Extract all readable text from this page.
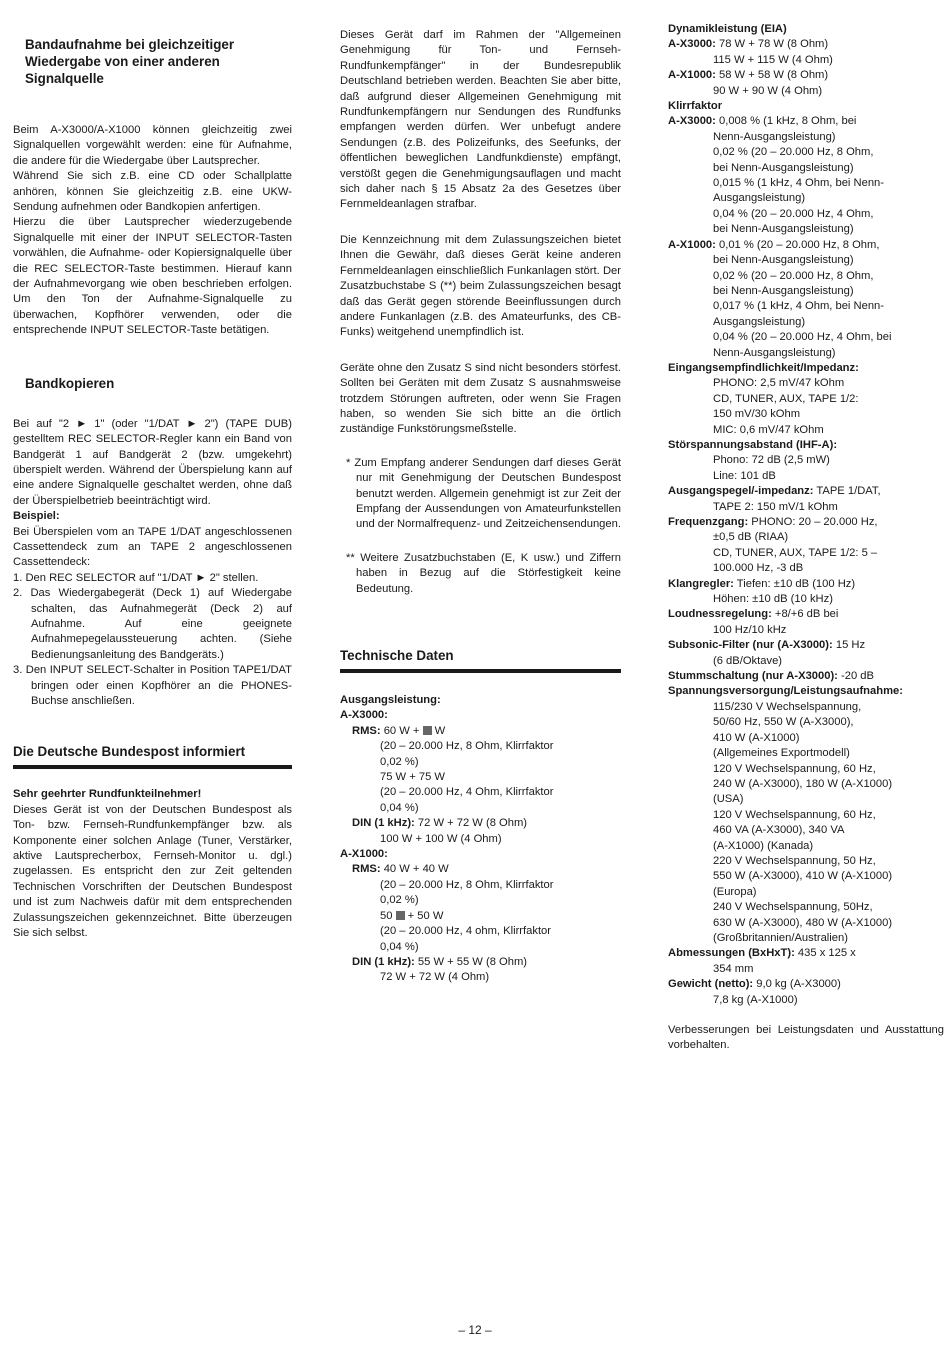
Bandaufnahme bei gleichzeitiger
Wiedergabe von einer anderen
Signalquelle

Beim A-X3000/A-X1000 können gleichzeitig zwei Signalquellen vorgewählt werden: eine für Aufnahme, die andere für die Wiedergabe über Lautsprecher.

Während Sie sich z.B. eine CD oder Schallplatte anhören, können Sie gleichzeitig z.B. eine UKW-Sendung aufnehmen oder Bandkopien anfertigen.

Hierzu die über Lautsprecher wiederzugebende Signalquelle mit einer der INPUT SELECTOR-Tasten vorwählen, die Aufnahme- oder Kopiersignalquelle über die REC SELECTOR-Taste bestimmen. Hierauf kann der Aufnahmevorgang wie oben beschrieben erfolgen. Um den Ton der Aufnahme-Signalquelle zu überwachen, Kopfhörer verwenden, oder die entsprechende INPUT SELECTOR-Taste betätigen.

Bandkopieren

Bei auf "2 ► 1" (oder "1/DAT ► 2") (TAPE DUB) gestelltem REC SELECTOR-Regler kann ein Band von Bandgerät 1 auf Bandgerät 2 (bzw. umgekehrt) überspielt werden. Während der Überspielung kann auf eine andere Signalquelle geschaltet werden, ohne daß der Überspielbetrieb beeinträchtigt wird.

Beispiel:

Bei Überspielen vom an TAPE 1/DAT angeschlossenen Cassettendeck zum an TAPE 2 angeschlossenen Cassettendeck:

1. Den REC SELECTOR auf "1/DAT ► 2" stellen.

2. Das Wiedergabegerät (Deck 1) auf Wiedergabe schalten, das Aufnahmegerät (Deck 2) auf Aufnahme. Auf eine geeignete Aufnahmepegelaussteuerung achten. (Siehe Bedienungsanleitung des Bandgeräts.)

3. Den INPUT SELECT-Schalter in Position TAPE1/DAT bringen oder einen Kopfhörer an die PHONES-Buchse anschließen.

Die Deutsche Bundespost informiert
Sehr geehrter Rundfunkteilnehmer!

Dieses Gerät ist von der Deutschen Bundespost als Ton- bzw. Fernseh-Rundfunkempfänger bzw. als Komponente einer solchen Anlage (Tuner, Verstärker, aktive Lautsprecherbox, Fernseh-Monitor u. dgl.) zugelassen. Es entspricht den zur Zeit geltenden Technischen Vorschriften der Deutschen Bundespost und ist zum Nachweis dafür mit dem entsprechenden Zulassungszeichen gekennzeichnet. Bitte überzeugen Sie sich selbst.

Dieses Gerät darf im Rahmen der "Allgemeinen Genehmigung für Ton- und Fernseh-Rundfunkempfänger" in der Bundesrepublik Deutschland betrieben werden. Beachten Sie aber bitte, daß aufgrund dieser Allgemeinen Genehmigung mit Rundfunkempfängern nur Sendungen des Rundfunks empfangen werden dürfen. Wer unbefugt andere Sendungen (z.B. des Polizeifunks, des Seefunks, der öffentlichen beweglichen Landfunkdienste) empfängt, verstößt gegen die Genehmigungsauflagen und macht sich daher nach § 15 Absatz 2a des Gesetzes über Fernmeldeanlagen strafbar.

Die Kennzeichnung mit dem Zulassungszeichen bietet Ihnen die Gewähr, daß dieses Gerät keine anderen Fernmeldeanlagen einschließlich Funkanlagen stört. Der Zusatzbuchstabe S (**) beim Zulassungszeichen besagt daß das Gerät gegen störende Beeinflussungen durch andere Funkanlagen (z.B. des Amateurfunks, des CB-Funks) weitgehend unempfindlich ist.

Geräte ohne den Zusatz S sind nicht besonders störfest. Sollten bei Geräten mit dem Zusatz S ausnahmsweise trotzdem Störungen auftreten, oder wenn Sie Fragen haben, so wenden Sie sich bitte an die örtlich zuständige Funkstörungsmeßstelle.

* Zum Empfang anderer Sendungen darf dieses Gerät nur mit Genehmigung der Deutschen Bundespost benutzt werden. Allgemein genehmigt ist zur Zeit der Empfang der Aussendungen von Amateurfunkstellen und der Normalfrequenz- und Zeitzeichensendungen.

** Weitere Zusatzbuchstaben (E, K usw.) und Ziffern haben in Bezug auf die Störfestigkeit keine Bedeutung.

Technische Daten
Ausgangsleistung:
A-X3000:
RMS: 60 W +  W
(20 – 20.000 Hz, 8 Ohm, Klirrfaktor
0,02 %)
75 W + 75 W
(20 – 20.000 Hz, 4 Ohm, Klirrfaktor
0,04 %)
DIN (1 kHz): 72 W + 72 W (8 Ohm)
100 W + 100 W (4 Ohm)
A-X1000:
RMS: 40 W + 40 W
(20 – 20.000 Hz, 8 Ohm, Klirrfaktor
0,02 %)
50  + 50 W
(20 – 20.000 Hz, 4 ohm, Klirrfaktor
0,04 %)
DIN (1 kHz): 55 W + 55 W (8 Ohm)
72 W + 72 W (4 Ohm)
Dynamikleistung (EIA)
A-X3000: 78 W + 78 W (8 Ohm)
115 W + 115 W (4 Ohm)
A-X1000: 58 W + 58 W (8 Ohm)
90 W + 90 W (4 Ohm)
Klirrfaktor
A-X3000: 0,008 % (1 kHz, 8 Ohm, bei
Nenn-Ausgangsleistung)
0,02 % (20 – 20.000 Hz, 8 Ohm,
bei Nenn-Ausgangsleistung)
0,015 % (1 kHz, 4 Ohm, bei Nenn-
Ausgangsleistung)
0,04 % (20 – 20.000 Hz, 4 Ohm,
bei Nenn-Ausgangsleistung)
A-X1000: 0,01 % (20 – 20.000 Hz, 8 Ohm,
bei Nenn-Ausgangsleistung)
0,02 % (20 – 20.000 Hz, 8 Ohm,
bei Nenn-Ausgangsleistung)
0,017 % (1 kHz, 4 Ohm, bei Nenn-
Ausgangsleistung)
0,04 % (20 – 20.000 Hz, 4 Ohm, bei
Nenn-Ausgangsleistung)
Eingangsempfindlichkeit/Impedanz:
PHONO: 2,5 mV/47 kOhm
CD, TUNER, AUX, TAPE 1/2:
150 mV/30 kOhm
MIC: 0,6 mV/47 kOhm
Störspannungsabstand (IHF-A):
Phono: 72 dB (2,5 mW)
Line: 101 dB
Ausgangspegel/-impedanz: TAPE 1/DAT,
TAPE 2: 150 mV/1 kOhm
Frequenzgang: PHONO: 20 – 20.000 Hz,
±0,5 dB (RIAA)
CD, TUNER, AUX, TAPE 1/2: 5 –
100.000 Hz, -3 dB
Klangregler: Tiefen: ±10 dB (100 Hz)
Höhen: ±10 dB (10 kHz)
Loudnessregelung: +8/+6 dB bei
100 Hz/10 kHz
Subsonic-Filter (nur (A-X3000): 15 Hz
(6 dB/Oktave)
Stummschaltung (nur A-X3000): -20 dB
Spannungsversorgung/Leistungsaufnahme:
115/230 V Wechselspannung,
50/60 Hz, 550 W (A-X3000),
410 W (A-X1000)
(Allgemeines Exportmodell)
120 V Wechselspannung, 60 Hz,
240 W (A-X3000), 180 W (A-X1000)
(USA)
120 V Wechselspannung, 60 Hz,
460 VA (A-X3000), 340 VA
(A-X1000) (Kanada)
220 V Wechselspannung, 50 Hz,
550 W (A-X3000), 410 W (A-X1000)
(Europa)
240 V Wechselspannung, 50Hz,
630 W (A-X3000), 480 W (A-X1000)
(Großbritannien/Australien)
Abmessungen (BxHxT): 435 x 125 x
354 mm
Gewicht (netto): 9,0 kg (A-X3000)
7,8 kg (A-X1000)

Verbesserungen bei Leistungsdaten und Ausstattung vorbehalten.

– 12 –
